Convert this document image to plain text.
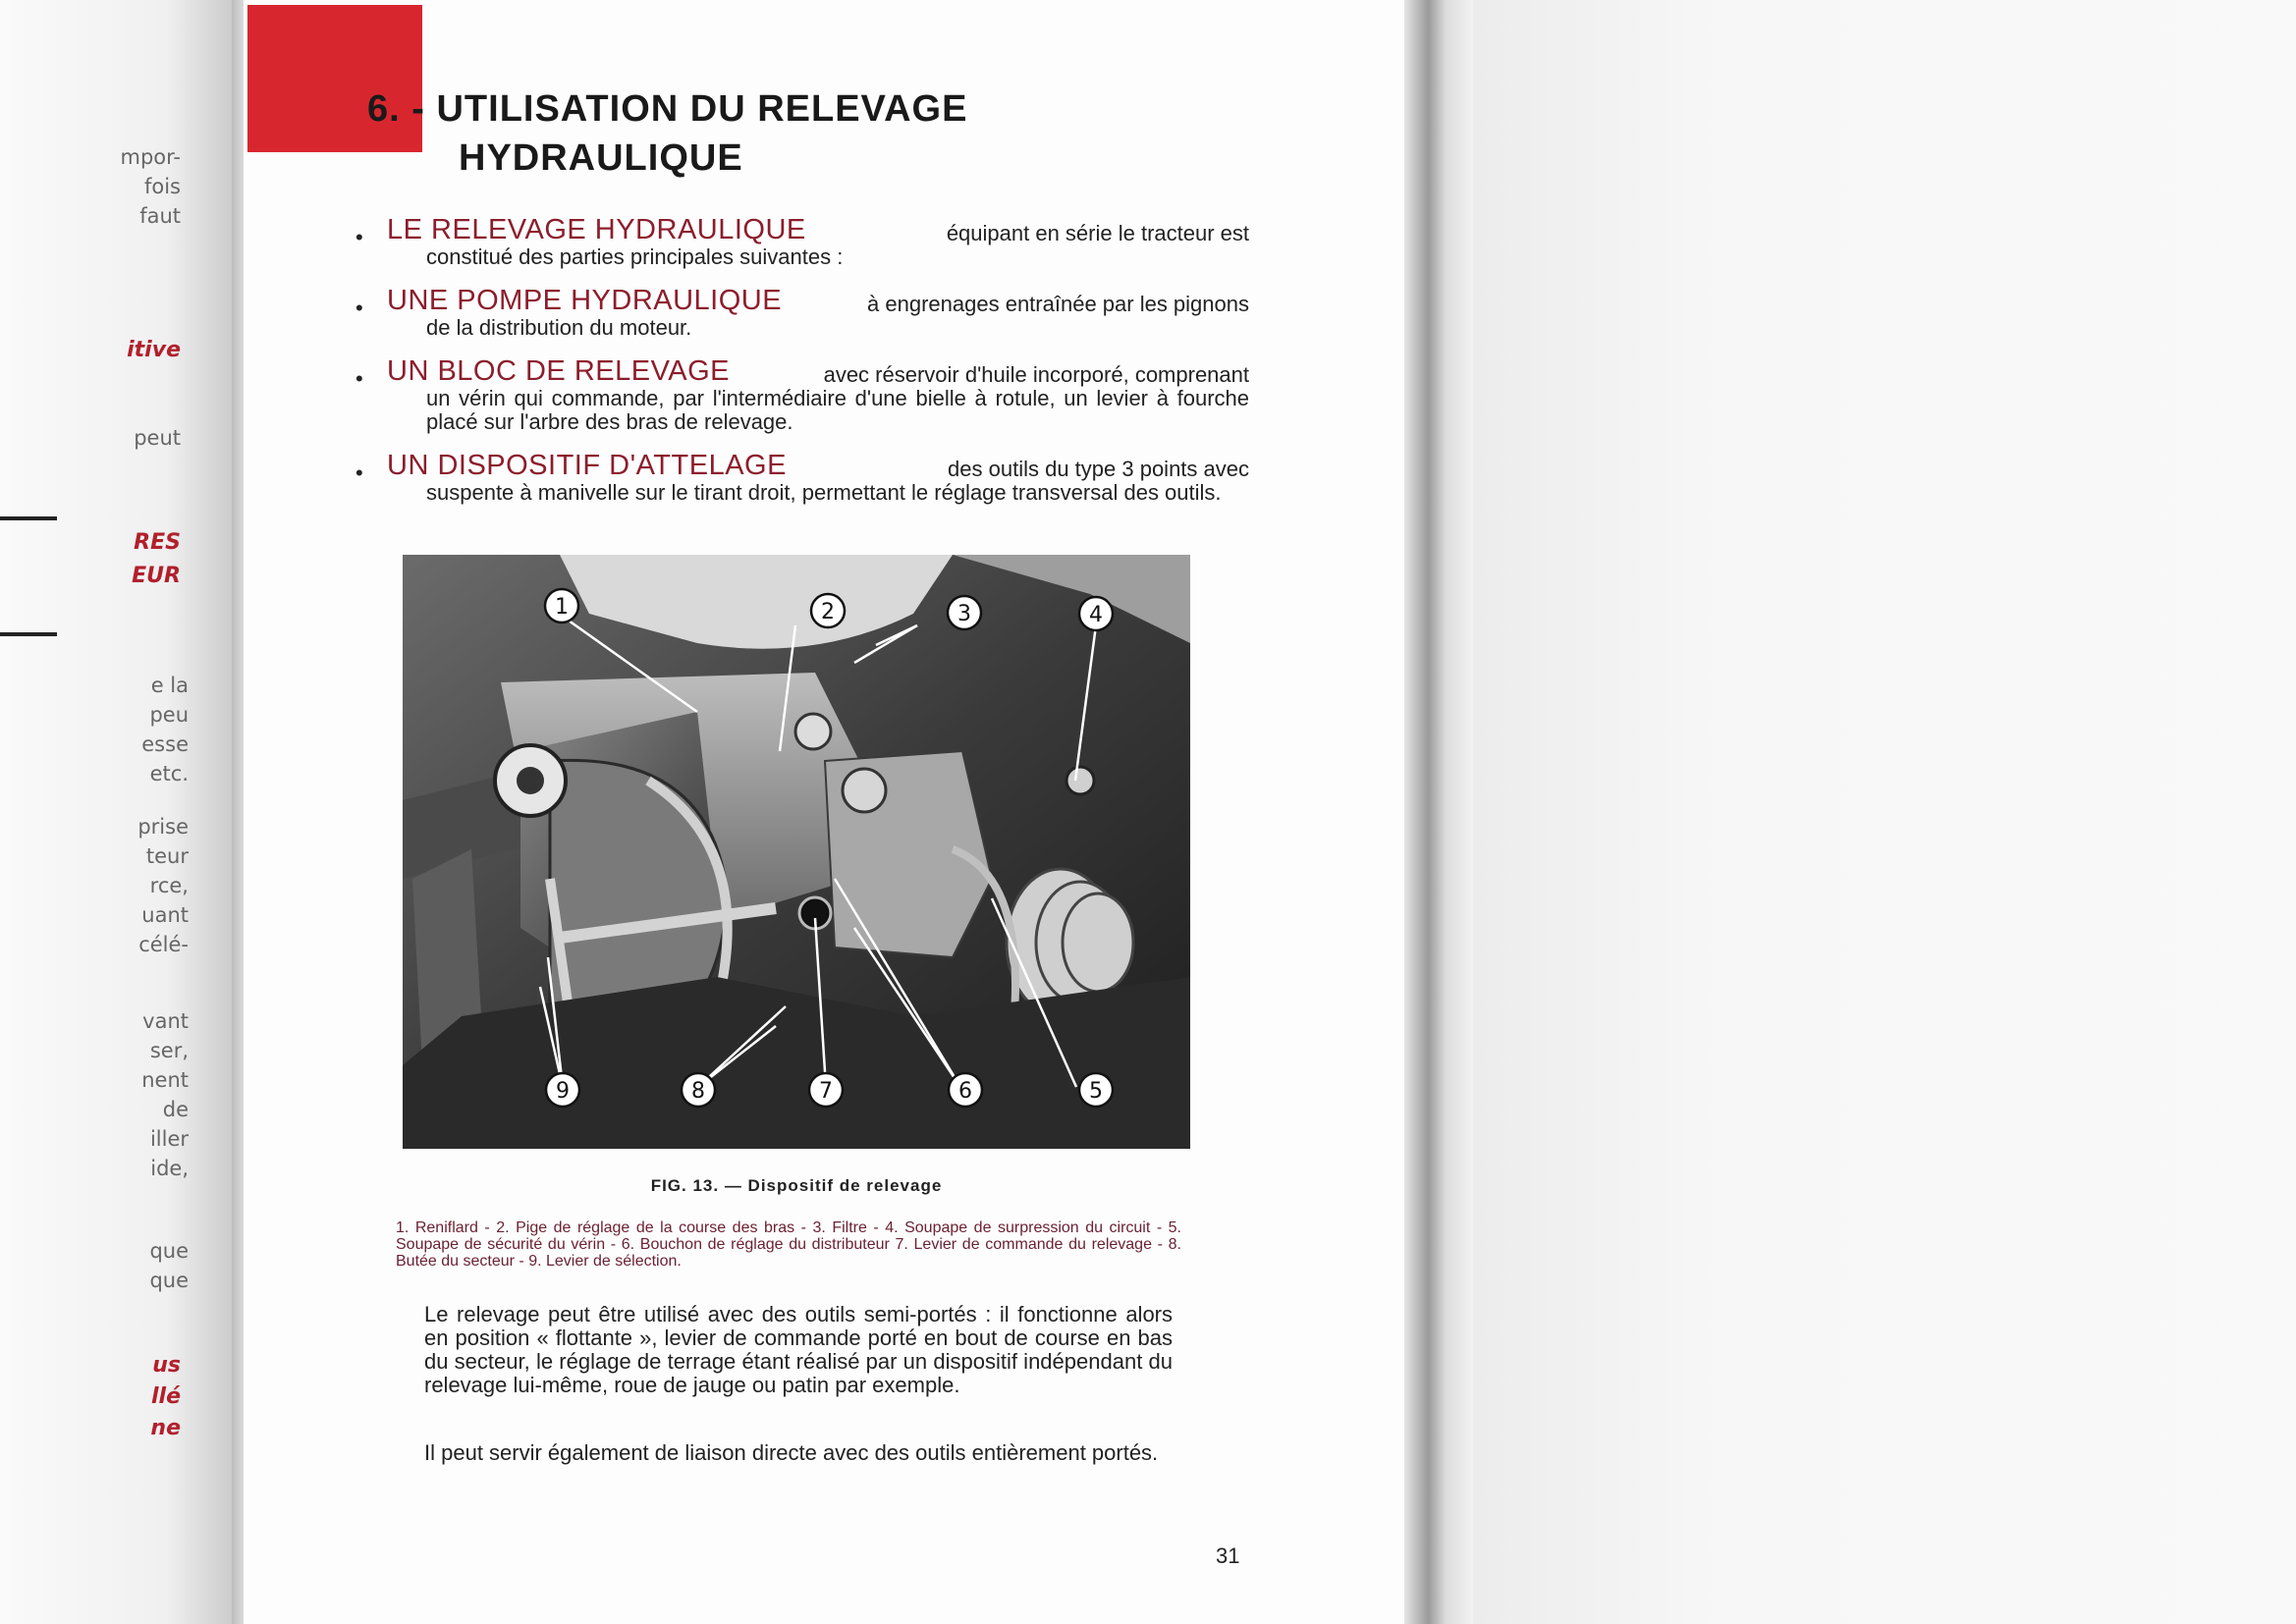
mpor-
fois
faut
peut
e la
peu
esse
etc.
prise
teur
rce,
uant
célé-
vant
ser,
nent
de
iller
ide,
que
que
itive
RES
EUR
us
llé
ne
6. - UTILISATION DU RELEVAGE
HYDRAULIQUE
• LE RELEVAGE HYDRAULIQUE	équipant en série le tracteur est
constitué des parties principales suivantes :
• UNE POMPE HYDRAULIQUE	à engrenages entraînée par les pignons
de la distribution du moteur.
• UN BLOC DE RELEVAGE	avec réservoir d'huile incorporé, comprenant
un vérin qui commande, par l'intermédiaire d'une bielle à rotule, un levier à fourche placé sur l'arbre des bras de relevage.
• UN DISPOSITIF D'ATTELAGE	des outils du type 3 points avec
suspente à manivelle sur le tirant droit, permettant le réglage transversal des outils.
1	2	3	4
5
6
7
8
9
FIG. 13. — Dispositif de relevage
1. Reniflard - 2. Pige de réglage de la course des bras - 3. Filtre - 4. Soupape de surpression du circuit - 5. Soupape de sécurité du vérin - 6. Bouchon de réglage du distributeur 7. Levier de commande du relevage - 8. Butée du secteur - 9. Levier de sélection.
Le relevage peut être utilisé avec des outils semi-portés : il fonctionne alors en position « flottante », levier de commande porté en bout de course en bas du secteur, le réglage de terrage étant réalisé par un dispositif indépendant du relevage lui-même, roue de jauge ou patin par exemple.
Il peut servir également de liaison directe avec des outils entièrement portés.
31
